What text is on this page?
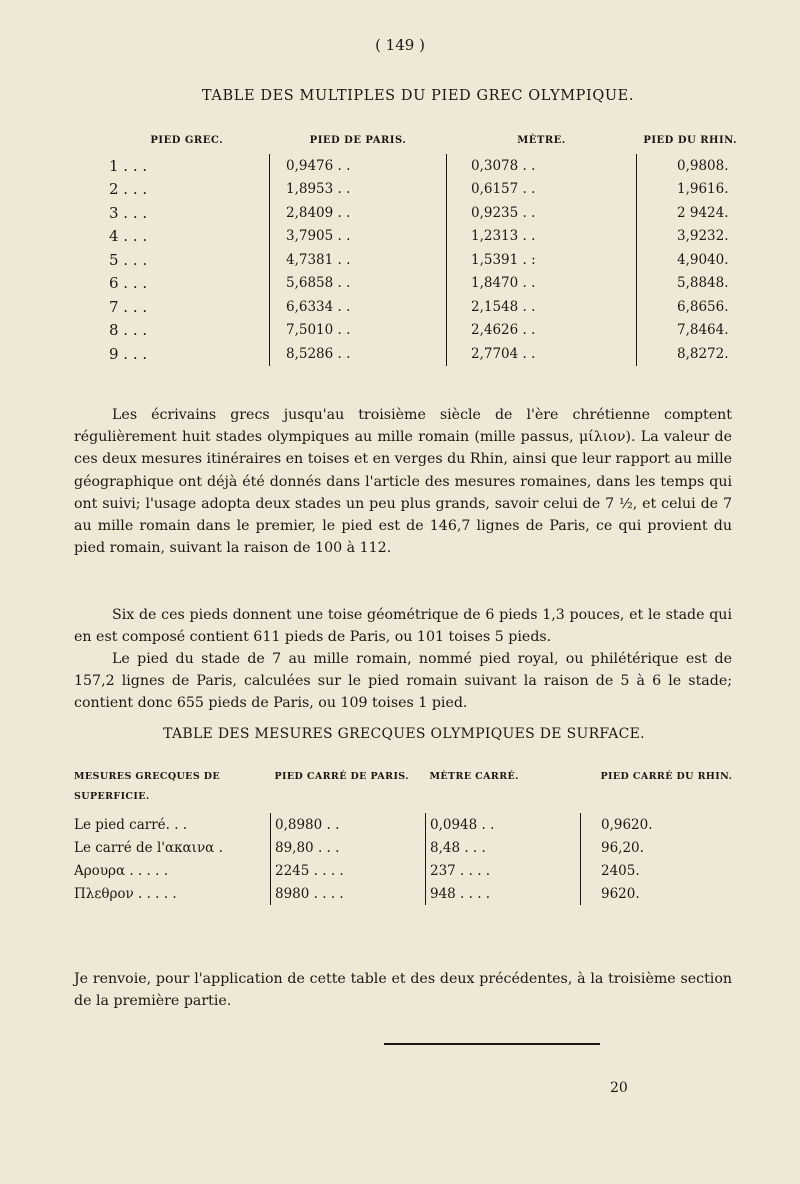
( 149 )
TABLE DES MULTIPLES DU PIED GREC OLYMPIQUE.
PIED GREC.	PIED DE PARIS.	MÈTRE.	PIED DU RHIN.
1 . . .	0,9476 . .	0,3078 . .	0,9808.
2 . . .	1,8953 . .	0,6157 . .	1,9616.
3 . . .	2,8409 . .	0,9235 . .	2 9424.
4 . . .	3,7905 . .	1,2313 . .	3,9232.
5 . . .	4,7381 . .	1,5391 . :	4,9040.
6 . . .	5,6858 . .	1,8470 . .	5,8848.
7 . . .	6,6334 . .	2,1548 . .	6,8656.
8 . . .	7,5010 . .	2,4626 . .	7,8464.
9 . . .	8,5286 . .	2,7704 . .	8,8272.

Les écrivains grecs jusqu'au troisième siècle de l'ère chrétienne comptent régulièrement huit stades olympiques au mille romain (mille passus, μίλιον). La valeur de ces deux mesures itinéraires en toises et en verges du Rhin, ainsi que leur rapport au mille géographique ont déjà été donnés dans l'article des mesures romaines, dans les temps qui ont suivi; l'usage adopta deux stades un peu plus grands, savoir celui de 7 ½, et celui de 7 au mille romain dans le premier, le pied est de 146,7 lignes de Paris, ce qui provient du pied romain, suivant la raison de 100 à 112.

Six de ces pieds donnent une toise géométrique de 6 pieds 1,3 pouces, et le stade qui en est composé contient 611 pieds de Paris, ou 101 toises 5 pieds.

Le pied du stade de 7 au mille romain, nommé pied royal, ou philétérique est de 157,2 lignes de Paris, calculées sur le pied romain suivant la raison de 5 à 6 le stade; contient donc 655 pieds de Paris, ou 109 toises 1 pied.

TABLE DES MESURES GRECQUES OLYMPIQUES DE SURFACE.
MESURES GRECQUES DE SUPERFICIE.	PIED CARRÉ DE PARIS.	MÈTRE CARRÉ.	PIED CARRÉ DU RHIN.
Le pied carré. . .	0,8980 . .	0,0948 . .	0,9620.
Le carré de l'ακαινα .	89,80 . . .	8,48 . . .	96,20.
Αρουρα . . . . .	2245 . . . .	237 . . . .	2405.
Πλεθρον . . . . .	8980 . . . .	948 . . . .	9620.

Je renvoie, pour l'application de cette table et des deux précédentes, à la troisième section de la première partie.

20
